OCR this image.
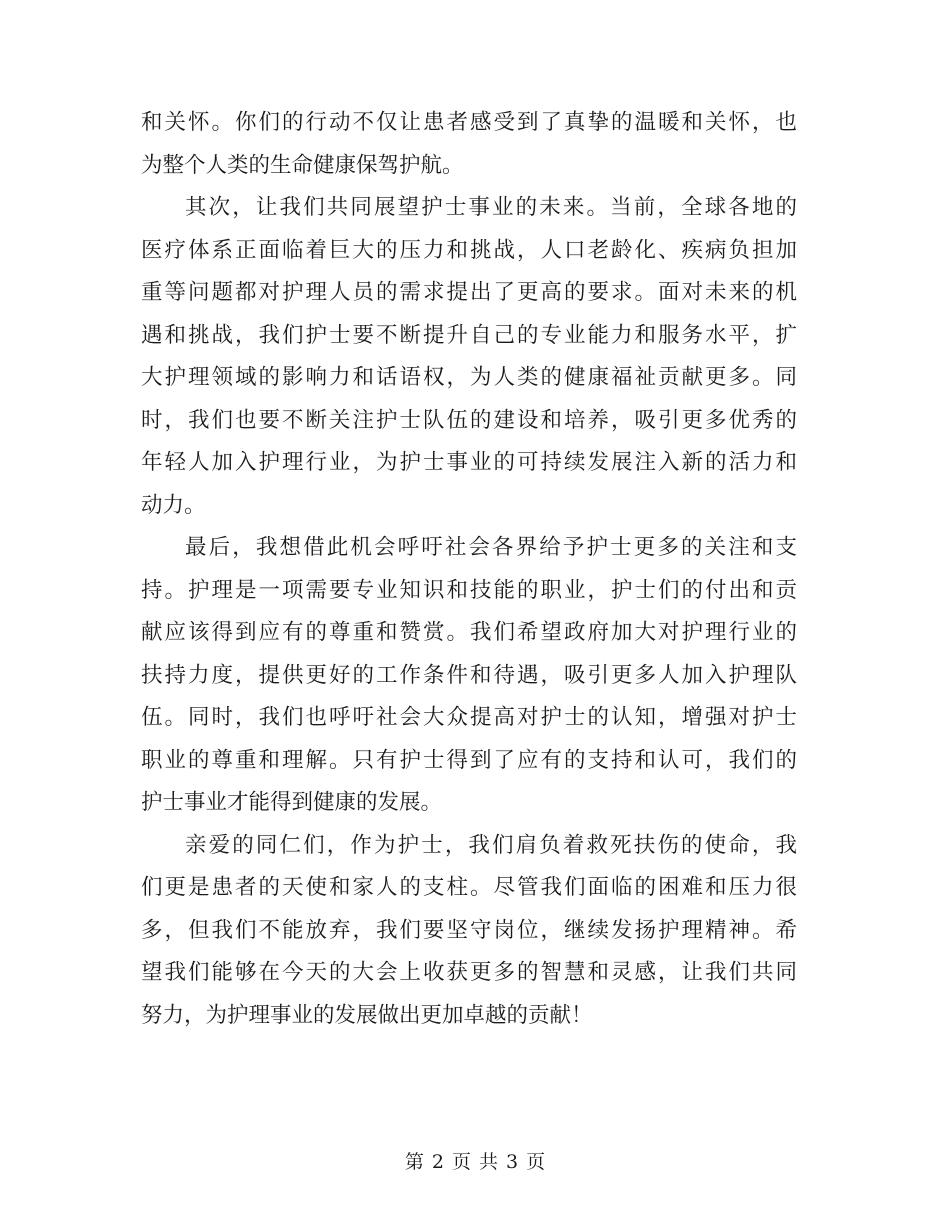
和关怀。你们的行动不仅让患者感受到了真挚的温暖和关怀，也
为整个人类的生命健康保驾护航。
其次，让我们共同展望护士事业的未来。当前，全球各地的
医疗体系正面临着巨大的压力和挑战，人口老龄化、疾病负担加
重等问题都对护理人员的需求提出了更高的要求。面对未来的机
遇和挑战，我们护士要不断提升自己的专业能力和服务水平，扩
大护理领域的影响力和话语权，为人类的健康福祉贡献更多。同
时，我们也要不断关注护士队伍的建设和培养，吸引更多优秀的
年轻人加入护理行业，为护士事业的可持续发展注入新的活力和
动力。
最后，我想借此机会呼吁社会各界给予护士更多的关注和支
持。护理是一项需要专业知识和技能的职业，护士们的付出和贡
献应该得到应有的尊重和赞赏。我们希望政府加大对护理行业的
扶持力度，提供更好的工作条件和待遇，吸引更多人加入护理队
伍。同时，我们也呼吁社会大众提高对护士的认知，增强对护士
职业的尊重和理解。只有护士得到了应有的支持和认可，我们的
护士事业才能得到健康的发展。
亲爱的同仁们，作为护士，我们肩负着救死扶伤的使命，我
们更是患者的天使和家人的支柱。尽管我们面临的困难和压力很
多，但我们不能放弃，我们要坚守岗位，继续发扬护理精神。希
望我们能够在今天的大会上收获更多的智慧和灵感，让我们共同
努力，为护理事业的发展做出更加卓越的贡献！
第 2 页 共 3 页
